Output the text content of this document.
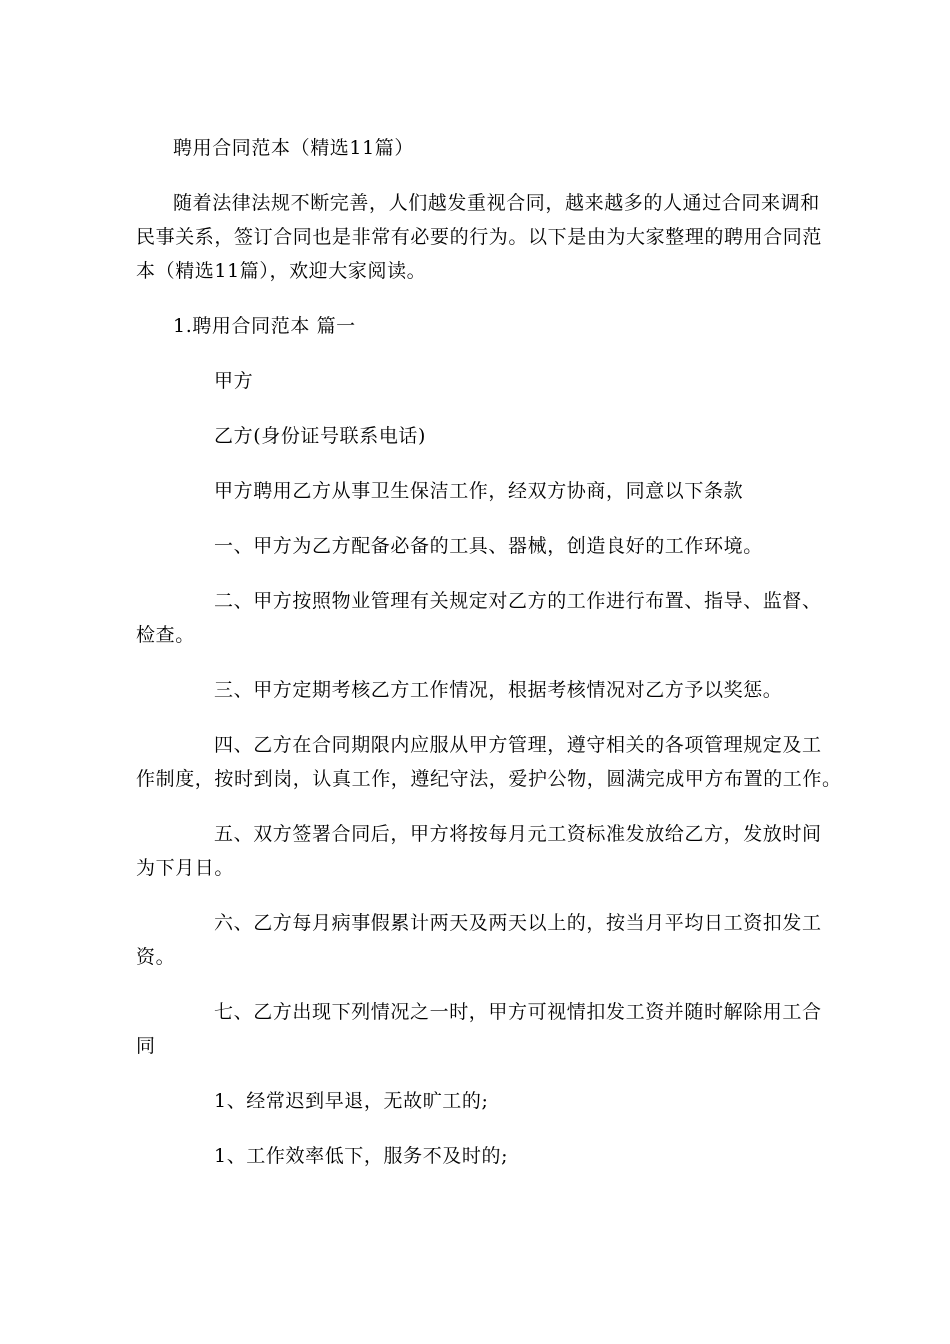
聘用合同范本（精选11篇）
随着法律法规不断完善，人们越发重视合同，越来越多的人通过合同来调和
民事关系，签订合同也是非常有必要的行为。以下是由为大家整理的聘用合同范
本（精选11篇），欢迎大家阅读。
1.聘用合同范本 篇一
甲方
乙方(身份证号联系电话)
甲方聘用乙方从事卫生保洁工作，经双方协商，同意以下条款
一、甲方为乙方配备必备的工具、器械，创造良好的工作环境。
二、甲方按照物业管理有关规定对乙方的工作进行布置、指导、监督、
检查。
三、甲方定期考核乙方工作情况，根据考核情况对乙方予以奖惩。
四、乙方在合同期限内应服从甲方管理，遵守相关的各项管理规定及工
作制度，按时到岗，认真工作，遵纪守法，爱护公物，圆满完成甲方布置的工作。
五、双方签署合同后，甲方将按每月元工资标准发放给乙方，发放时间
为下月日。
六、乙方每月病事假累计两天及两天以上的，按当月平均日工资扣发工
资。
七、乙方出现下列情况之一时，甲方可视情扣发工资并随时解除用工合
同
1、经常迟到早退，无故旷工的;
1、工作效率低下，服务不及时的;
